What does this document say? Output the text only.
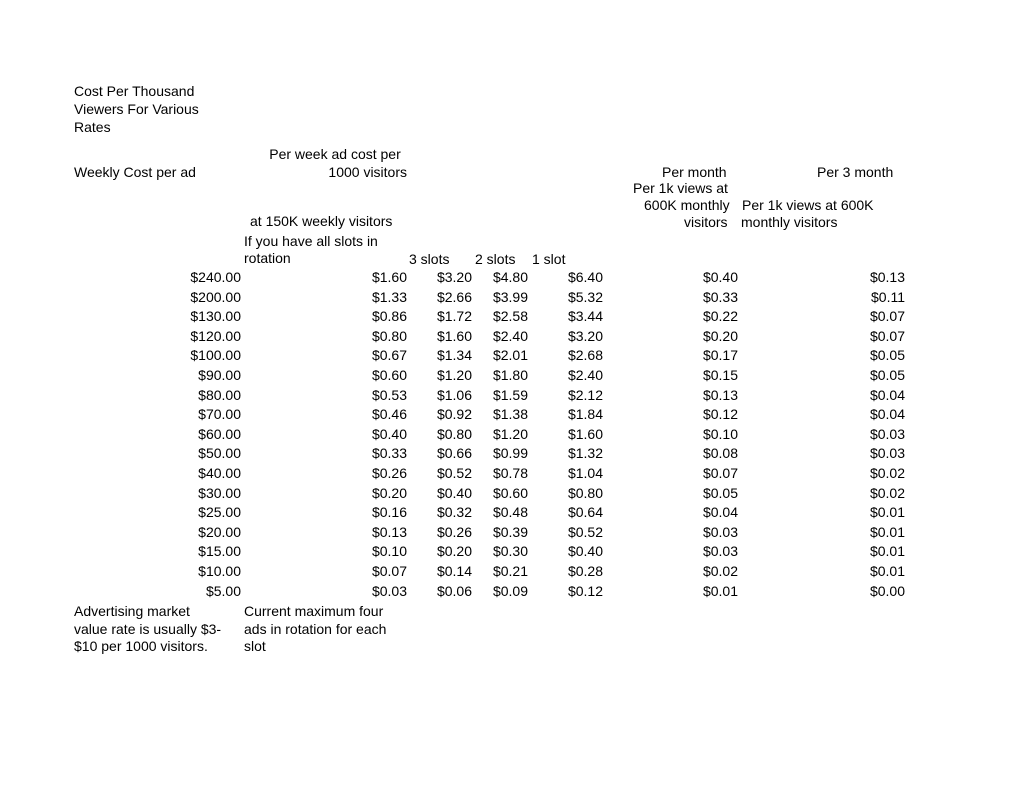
Cost Per Thousand
Viewers For Various
Rates
Weekly Cost per ad
Per week ad cost per
1000 visitors
at 150K weekly visitors
If you have all slots in
rotation	3 slots 2 slots 1 slot
Per month
Per 1k views at
600K monthly
visitors
Per 3 month
Per 1k views at 600K
monthly visitors
$240.00	$1.60	$3.20	$4.80	$6.40	$0.40	$0.13
$200.00	$1.33	$2.66	$3.99	$5.32	$0.33	$0.11
$130.00	$0.86	$1.72	$2.58	$3.44	$0.22	$0.07
$120.00	$0.80	$1.60	$2.40	$3.20	$0.20	$0.07
$100.00	$0.67	$1.34	$2.01	$2.68	$0.17	$0.05
$90.00	$0.60	$1.20	$1.80	$2.40	$0.15	$0.05
$80.00	$0.53	$1.06	$1.59	$2.12	$0.13	$0.04
$70.00	$0.46	$0.92	$1.38	$1.84	$0.12	$0.04
$60.00	$0.40	$0.80	$1.20	$1.60	$0.10	$0.03
$50.00	$0.33	$0.66	$0.99	$1.32	$0.08	$0.03
$40.00	$0.26	$0.52	$0.78	$1.04	$0.07	$0.02
$30.00	$0.20	$0.40	$0.60	$0.80	$0.05	$0.02
$25.00	$0.16	$0.32	$0.48	$0.64	$0.04	$0.01
$20.00	$0.13	$0.26	$0.39	$0.52	$0.03	$0.01
$15.00	$0.10	$0.20	$0.30	$0.40	$0.03	$0.01
$10.00	$0.07	$0.14	$0.21	$0.28	$0.02	$0.01
$5.00	$0.03	$0.06	$0.09	$0.12	$0.01	$0.00
Advertising market
value rate is usually $3-
$10 per 1000 visitors.
Current maximum four
ads in rotation for each
slot
